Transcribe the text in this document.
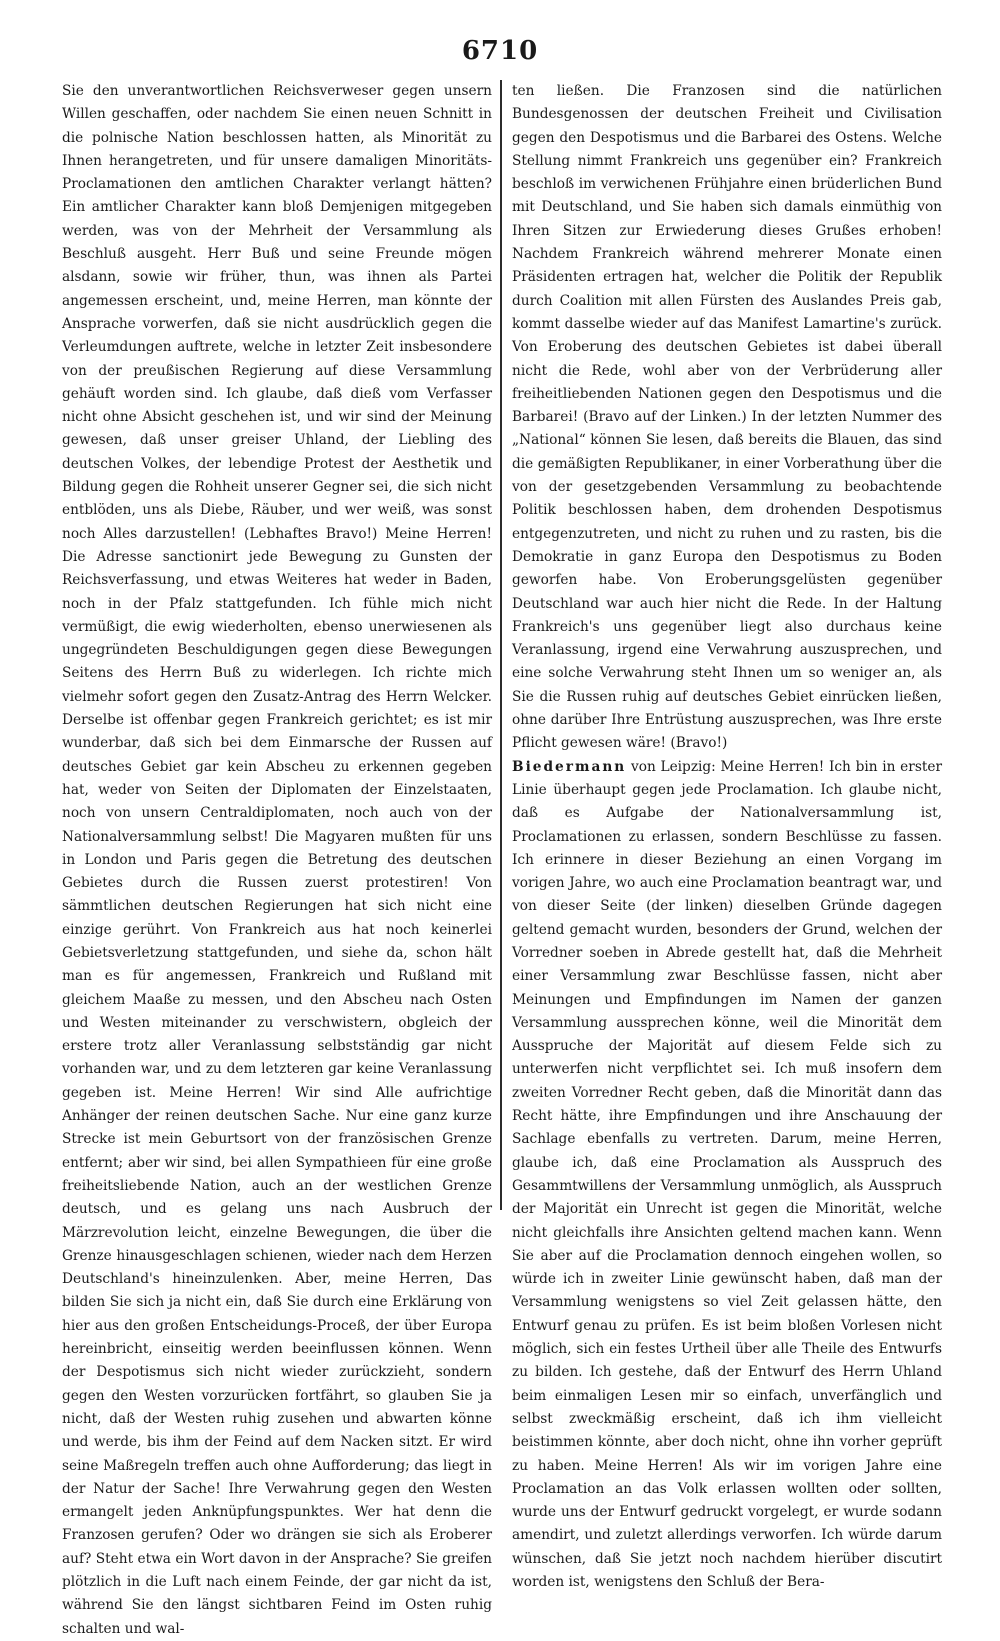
6710

Sie den unverantwortlichen Reichsverweser gegen unsern Willen geschaffen, oder nachdem Sie einen neuen Schnitt in die polnische Nation beschlossen hatten, als Minorität zu Ihnen herangetreten, und für unsere damaligen Minoritäts-Proclamationen den amtlichen Charakter verlangt hätten? Ein amtlicher Charakter kann bloß Demjenigen mitgegeben werden, was von der Mehrheit der Versammlung als Beschluß ausgeht. Herr Buß und seine Freunde mögen alsdann, sowie wir früher, thun, was ihnen als Partei angemessen erscheint, und, meine Herren, man könnte der Ansprache vorwerfen, daß sie nicht ausdrücklich gegen die Verleumdungen auftrete, welche in letzter Zeit insbesondere von der preußischen Regierung auf diese Versammlung gehäuft worden sind. Ich glaube, daß dieß vom Verfasser nicht ohne Absicht geschehen ist, und wir sind der Meinung gewesen, daß unser greiser Uhland, der Liebling des deutschen Volkes, der lebendige Protest der Aesthetik und Bildung gegen die Rohheit unserer Gegner sei, die sich nicht entblöden, uns als Diebe, Räuber, und wer weiß, was sonst noch Alles darzustellen! (Lebhaftes Bravo!) Meine Herren! Die Adresse sanctionirt jede Bewegung zu Gunsten der Reichsverfassung, und etwas Weiteres hat weder in Baden, noch in der Pfalz stattgefunden. Ich fühle mich nicht vermüßigt, die ewig wiederholten, ebenso unerwiesenen als ungegründeten Beschuldigungen gegen diese Bewegungen Seitens des Herrn Buß zu widerlegen. Ich richte mich vielmehr sofort gegen den Zusatz-Antrag des Herrn Welcker. Derselbe ist offenbar gegen Frankreich gerichtet; es ist mir wunderbar, daß sich bei dem Einmarsche der Russen auf deutsches Gebiet gar kein Abscheu zu erkennen gegeben hat, weder von Seiten der Diplomaten der Einzelstaaten, noch von unsern Centraldiplomaten, noch auch von der Nationalversammlung selbst! Die Magyaren mußten für uns in London und Paris gegen die Betretung des deutschen Gebietes durch die Russen zuerst protestiren! Von sämmtlichen deutschen Regierungen hat sich nicht eine einzige gerührt. Von Frankreich aus hat noch keinerlei Gebietsverletzung stattgefunden, und siehe da, schon hält man es für angemessen, Frankreich und Rußland mit gleichem Maaße zu messen, und den Abscheu nach Osten und Westen miteinander zu verschwistern, obgleich der erstere trotz aller Veranlassung selbstständig gar nicht vorhanden war, und zu dem letzteren gar keine Veranlassung gegeben ist. Meine Herren! Wir sind Alle aufrichtige Anhänger der reinen deutschen Sache. Nur eine ganz kurze Strecke ist mein Geburtsort von der französischen Grenze entfernt; aber wir sind, bei allen Sympathieen für eine große freiheitsliebende Nation, auch an der westlichen Grenze deutsch, und es gelang uns nach Ausbruch der Märzrevolution leicht, einzelne Bewegungen, die über die Grenze hinausgeschlagen schienen, wieder nach dem Herzen Deutschland's hineinzulenken. Aber, meine Herren, Das bilden Sie sich ja nicht ein, daß Sie durch eine Erklärung von hier aus den großen Entscheidungs-Proceß, der über Europa hereinbricht, einseitig werden beeinflussen können. Wenn der Despotismus sich nicht wieder zurückzieht, sondern gegen den Westen vorzurücken fortfährt, so glauben Sie ja nicht, daß der Westen ruhig zusehen und abwarten könne und werde, bis ihm der Feind auf dem Nacken sitzt. Er wird seine Maßregeln treffen auch ohne Aufforderung; das liegt in der Natur der Sache! Ihre Verwahrung gegen den Westen ermangelt jeden Anknüpfungspunktes. Wer hat denn die Franzosen gerufen? Oder wo drängen sie sich als Eroberer auf? Steht etwa ein Wort davon in der Ansprache? Sie greifen plötzlich in die Luft nach einem Feinde, der gar nicht da ist, während Sie den längst sichtbaren Feind im Osten ruhig schalten und wal-

ten ließen. Die Franzosen sind die natürlichen Bundesgenossen der deutschen Freiheit und Civilisation gegen den Despotismus und die Barbarei des Ostens. Welche Stellung nimmt Frankreich uns gegenüber ein? Frankreich beschloß im verwichenen Frühjahre einen brüderlichen Bund mit Deutschland, und Sie haben sich damals einmüthig von Ihren Sitzen zur Erwiederung dieses Grußes erhoben! Nachdem Frankreich während mehrerer Monate einen Präsidenten ertragen hat, welcher die Politik der Republik durch Coalition mit allen Fürsten des Auslandes Preis gab, kommt dasselbe wieder auf das Manifest Lamartine's zurück. Von Eroberung des deutschen Gebietes ist dabei überall nicht die Rede, wohl aber von der Verbrüderung aller freiheitliebenden Nationen gegen den Despotismus und die Barbarei! (Bravo auf der Linken.) In der letzten Nummer des „National“ können Sie lesen, daß bereits die Blauen, das sind die gemäßigten Republikaner, in einer Vorberathung über die von der gesetzgebenden Versammlung zu beobachtende Politik beschlossen haben, dem drohenden Despotismus entgegenzutreten, und nicht zu ruhen und zu rasten, bis die Demokratie in ganz Europa den Despotismus zu Boden geworfen habe. Von Eroberungsgelüsten gegenüber Deutschland war auch hier nicht die Rede. In der Haltung Frankreich's uns gegenüber liegt also durchaus keine Veranlassung, irgend eine Verwahrung auszusprechen, und eine solche Verwahrung steht Ihnen um so weniger an, als Sie die Russen ruhig auf deutsches Gebiet einrücken ließen, ohne darüber Ihre Entrüstung auszusprechen, was Ihre erste Pflicht gewesen wäre! (Bravo!)

Biedermann von Leipzig: Meine Herren! Ich bin in erster Linie überhaupt gegen jede Proclamation. Ich glaube nicht, daß es Aufgabe der Nationalversammlung ist, Proclamationen zu erlassen, sondern Beschlüsse zu fassen. Ich erinnere in dieser Beziehung an einen Vorgang im vorigen Jahre, wo auch eine Proclamation beantragt war, und von dieser Seite (der linken) dieselben Gründe dagegen geltend gemacht wurden, besonders der Grund, welchen der Vorredner soeben in Abrede gestellt hat, daß die Mehrheit einer Versammlung zwar Beschlüsse fassen, nicht aber Meinungen und Empfindungen im Namen der ganzen Versammlung aussprechen könne, weil die Minorität dem Ausspruche der Majorität auf diesem Felde sich zu unterwerfen nicht verpflichtet sei. Ich muß insofern dem zweiten Vorredner Recht geben, daß die Minorität dann das Recht hätte, ihre Empfindungen und ihre Anschauung der Sachlage ebenfalls zu vertreten. Darum, meine Herren, glaube ich, daß eine Proclamation als Ausspruch des Gesammtwillens der Versammlung unmöglich, als Ausspruch der Majorität ein Unrecht ist gegen die Minorität, welche nicht gleichfalls ihre Ansichten geltend machen kann. Wenn Sie aber auf die Proclamation dennoch eingehen wollen, so würde ich in zweiter Linie gewünscht haben, daß man der Versammlung wenigstens so viel Zeit gelassen hätte, den Entwurf genau zu prüfen. Es ist beim bloßen Vorlesen nicht möglich, sich ein festes Urtheil über alle Theile des Entwurfs zu bilden. Ich gestehe, daß der Entwurf des Herrn Uhland beim einmaligen Lesen mir so einfach, unverfänglich und selbst zweckmäßig erscheint, daß ich ihm vielleicht beistimmen könnte, aber doch nicht, ohne ihn vorher geprüft zu haben. Meine Herren! Als wir im vorigen Jahre eine Proclamation an das Volk erlassen wollten oder sollten, wurde uns der Entwurf gedruckt vorgelegt, er wurde sodann amendirt, und zuletzt allerdings verworfen. Ich würde darum wünschen, daß Sie jetzt noch nachdem hierüber discutirt worden ist, wenigstens den Schluß der Bera-
